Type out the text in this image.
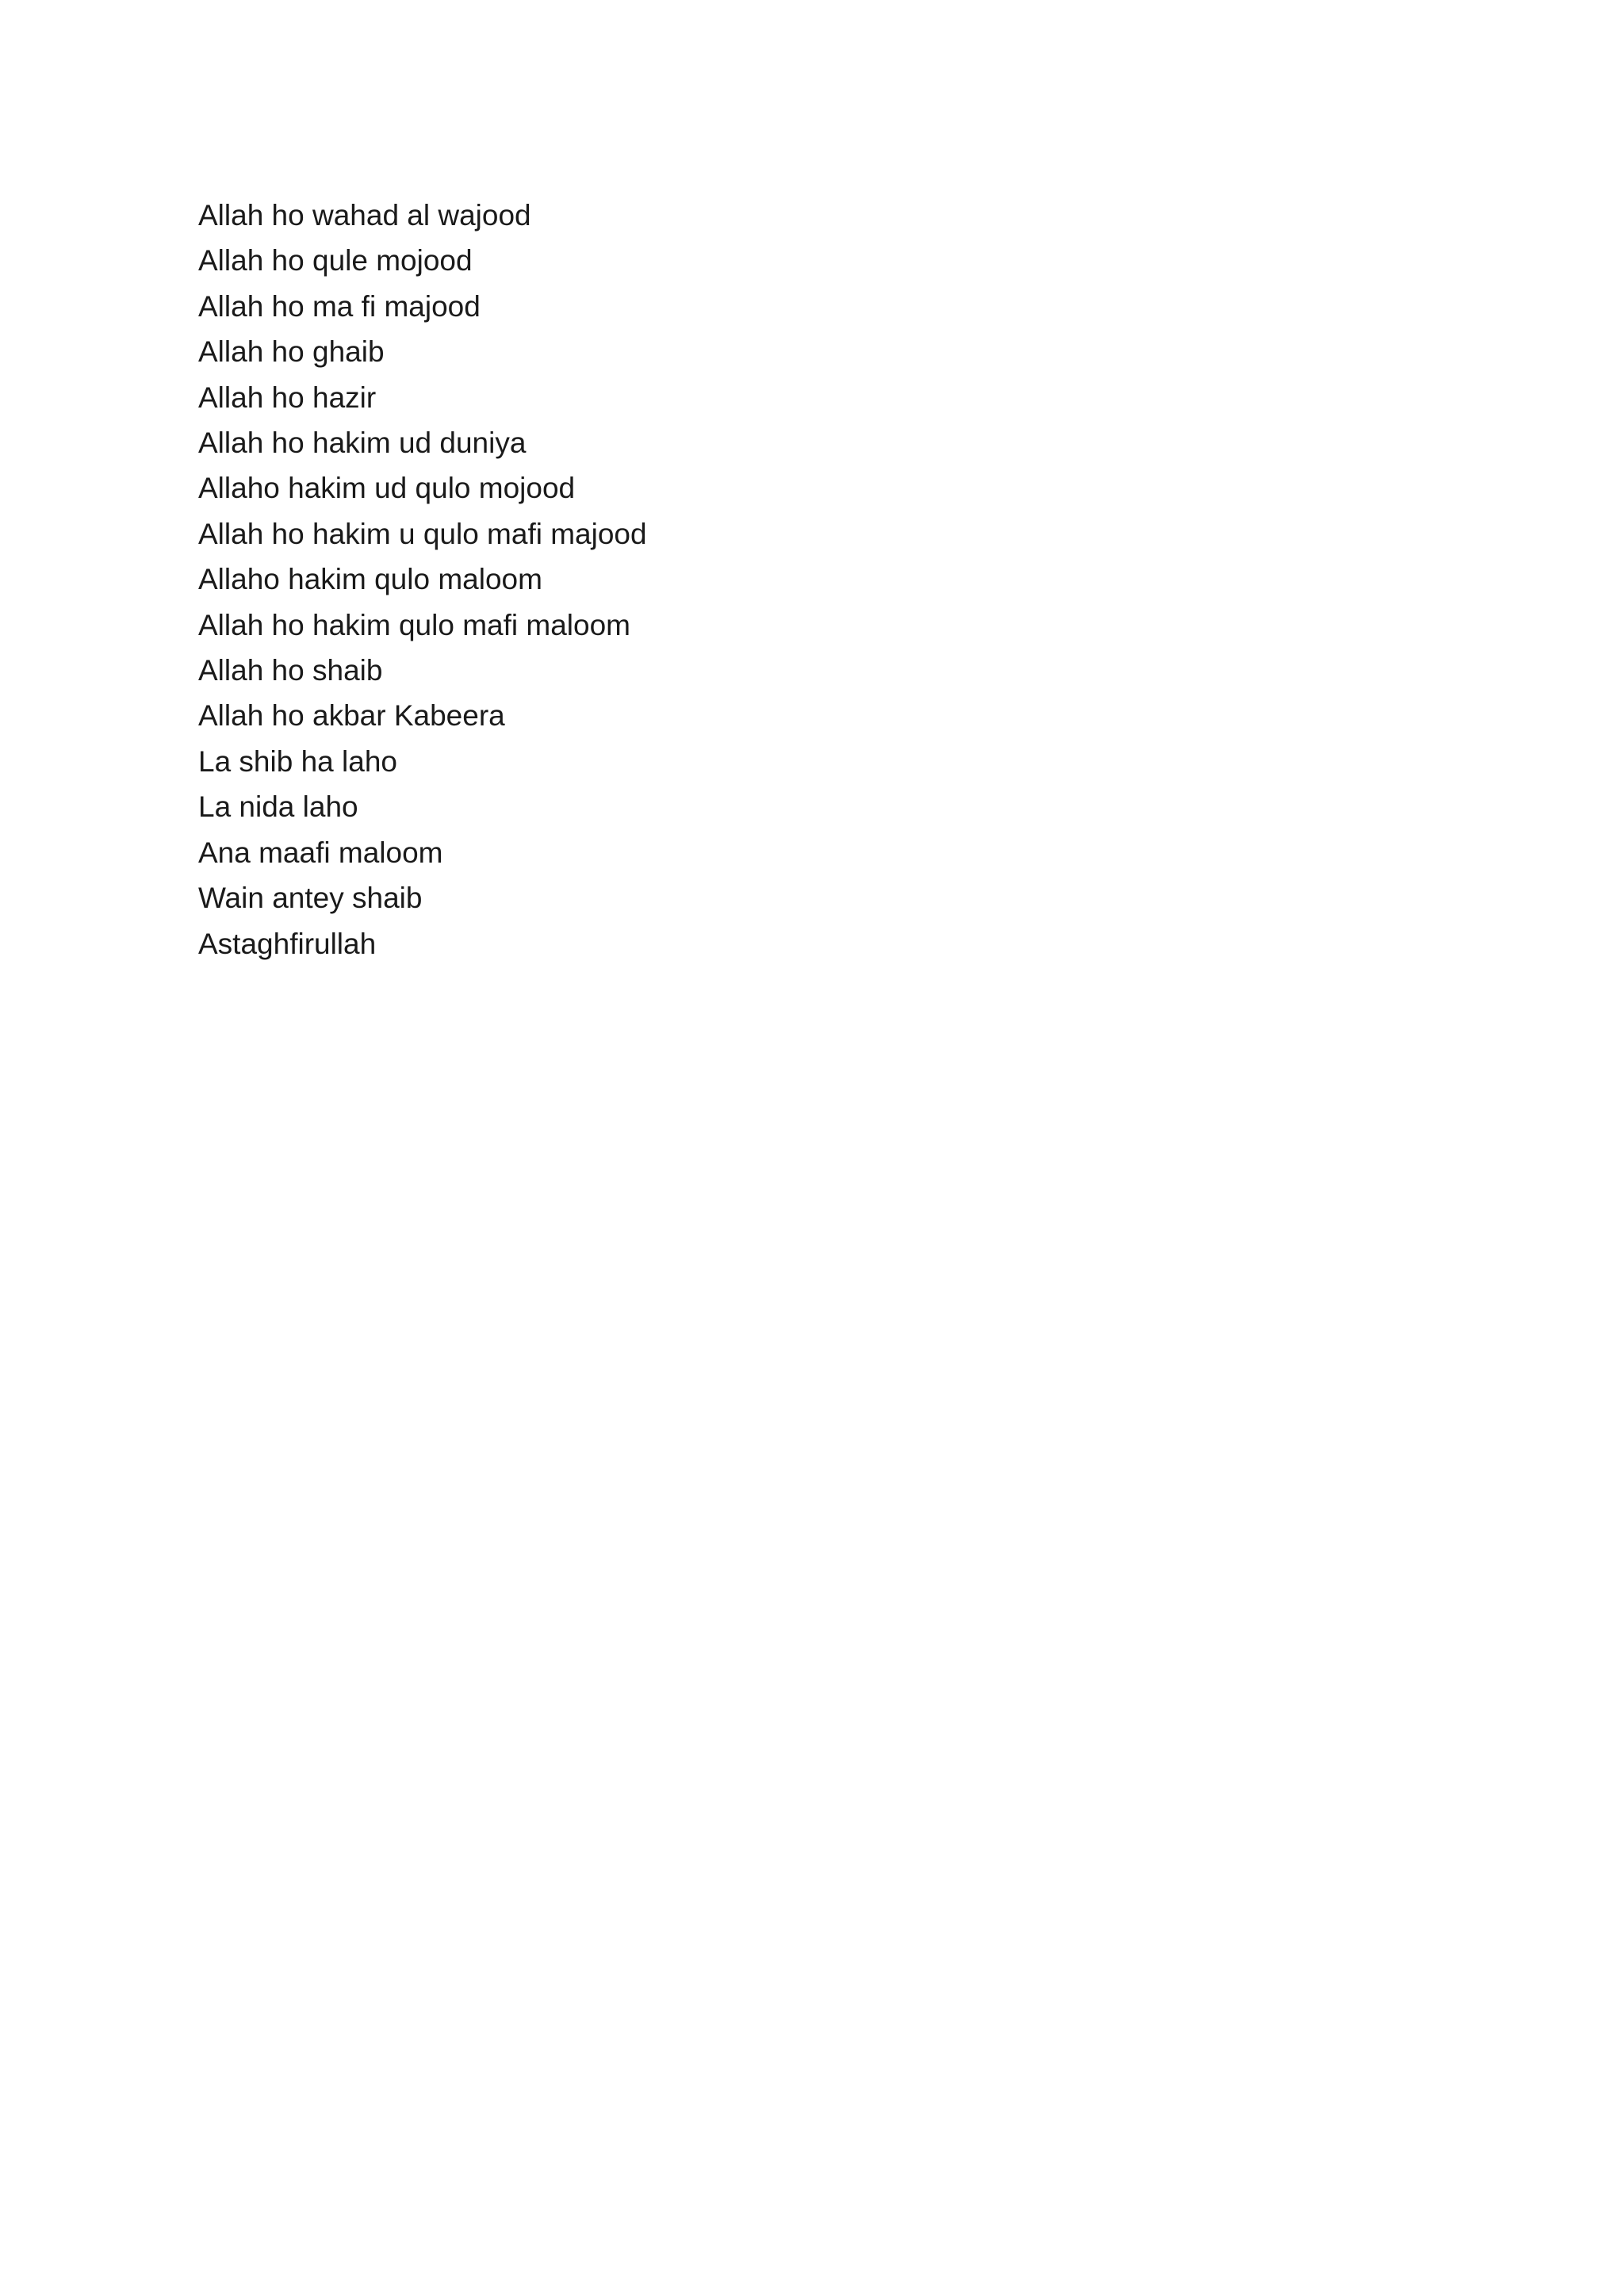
Allah ho wahad al wajood
Allah ho qule mojood
Allah ho ma fi majood
Allah ho ghaib
Allah ho hazir
Allah ho hakim ud duniya
Allaho hakim ud qulo mojood
Allah ho hakim u qulo mafi majood
Allaho hakim qulo maloom
Allah ho hakim qulo mafi maloom
Allah ho shaib
Allah ho akbar Kabeera
La shib ha laho
La nida laho
Ana maafi maloom
Wain antey shaib
Astaghfirullah
